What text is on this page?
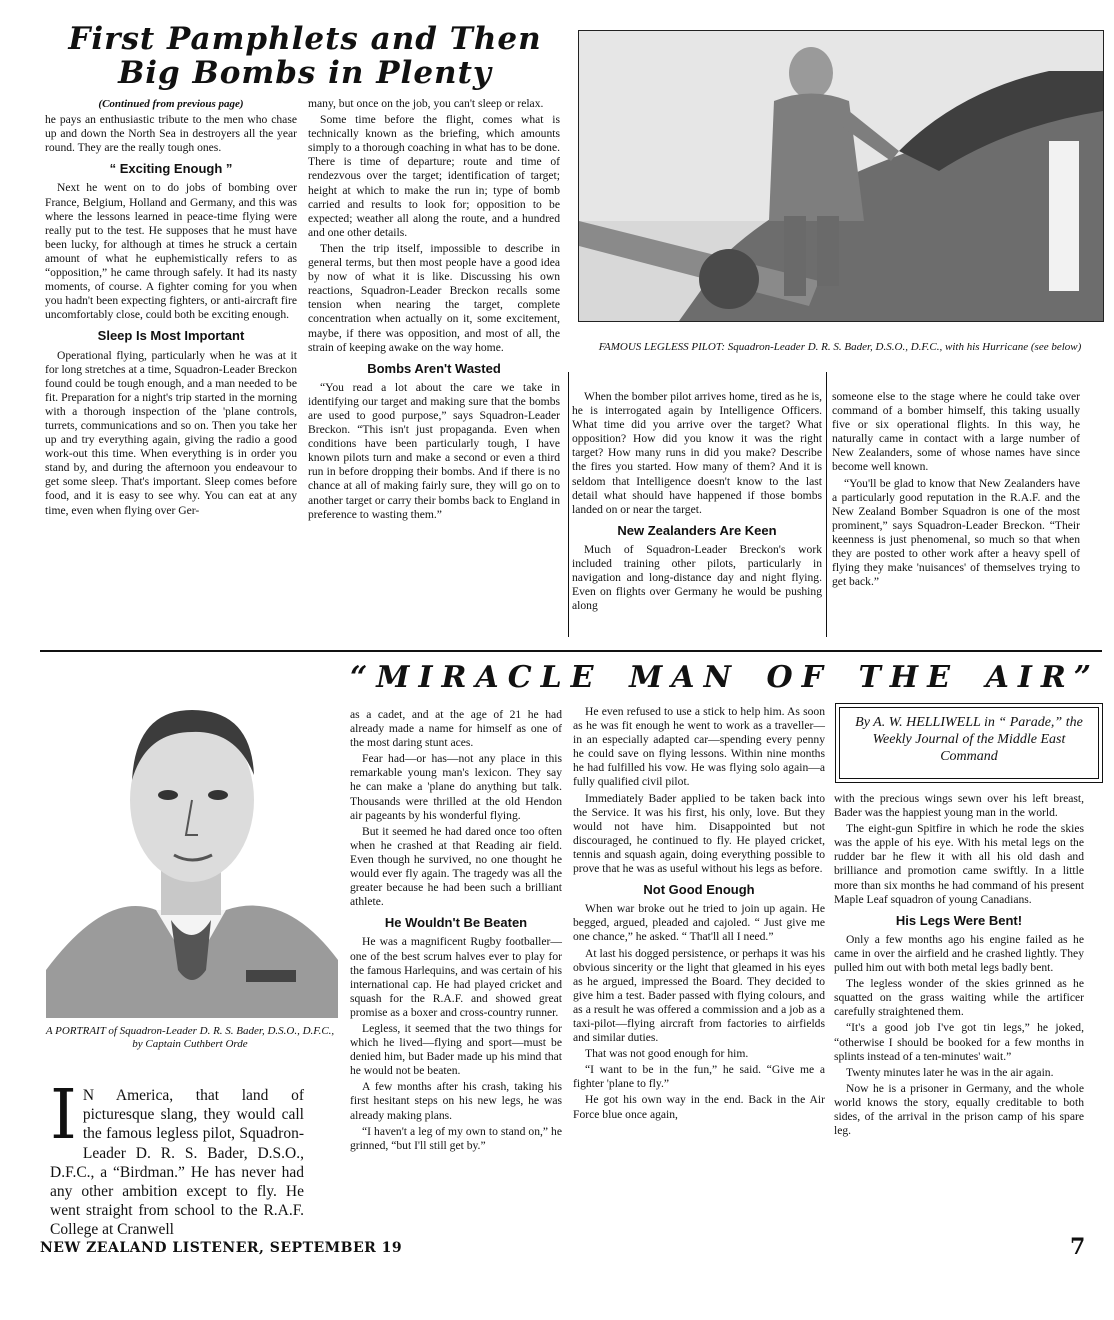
First Pamphlets and Then Big Bombs in Plenty
(Continued from previous page)

he pays an enthusiastic tribute to the men who chase up and down the North Sea in destroyers all the year round. They are the really tough ones.

“ Exciting Enough ”

Next he went on to do jobs of bombing over France, Belgium, Holland and Germany, and this was where the lessons learned in peace-time flying were really put to the test. He supposes that he must have been lucky, for although at times he struck a certain amount of what he euphemistically refers to as “opposition,” he came through safely. It had its nasty moments, of course. A fighter coming for you when you hadn't been expecting fighters, or anti-aircraft fire uncomfortably close, could both be exciting enough.

Sleep Is Most Important

Operational flying, particularly when he was at it for long stretches at a time, Squadron-Leader Breckon found could be tough enough, and a man needed to be fit. Preparation for a night's trip started in the morning with a thorough inspection of the 'plane controls, turrets, communications and so on. Then you take her up and try everything again, giving the radio a good work-out this time. When everything is in order you stand by, and during the afternoon you endeavour to get some sleep. That's important. Sleep comes before food, and it is easy to see why. You can eat at any time, even when flying over Ger-

many, but once on the job, you can't sleep or relax.

Some time before the flight, comes what is technically known as the briefing, which amounts simply to a thorough coaching in what has to be done. There is time of departure; route and time of rendezvous over the target; identification of target; height at which to make the run in; type of bomb carried and results to look for; opposition to be expected; weather all along the route, and a hundred and one other details.

Then the trip itself, impossible to describe in general terms, but then most people have a good idea by now of what it is like. Discussing his own reactions, Squadron-Leader Breckon recalls some tension when nearing the target, complete concentration when actually on it, some excitement, maybe, if there was opposition, and most of all, the strain of keeping awake on the way home.

Bombs Aren't Wasted

“You read a lot about the care we take in identifying our target and making sure that the bombs are used to good purpose,” says Squadron-Leader Breckon. “This isn't just propaganda. Even when conditions have been particularly tough, I have known pilots turn and make a second or even a third run in before dropping their bombs. And if there is no chance at all of making fairly sure, they will go on to another target or carry their bombs back to England in preference to wasting them.”

FAMOUS LEGLESS PILOT: Squadron-Leader D. R. S. Bader, D.S.O., D.F.C., with his Hurricane (see below)

When the bomber pilot arrives home, tired as he is, he is interrogated again by Intelligence Officers. What time did you arrive over the target? What opposition? How did you know it was the right target? How many runs in did you make? Describe the fires you started. How many of them? And it is seldom that Intelligence doesn't know to the last detail what should have happened if those bombs landed on or near the target.

New Zealanders Are Keen

Much of Squadron-Leader Breckon's work included training other pilots, particularly in navigation and long-distance day and night flying. Even on flights over Germany he would be pushing along

someone else to the stage where he could take over command of a bomber himself, this taking usually five or six operational flights. In this way, he naturally came in contact with a large number of New Zealanders, some of whose names have since become well known.

“You'll be glad to know that New Zealanders have a particularly good reputation in the R.A.F. and the New Zealand Bomber Squadron is one of the most prominent,” says Squadron-Leader Breckon. “Their keenness is just phenomenal, so much so that when they are posted to other work after a heavy spell of flying they make 'nuisances' of themselves trying to get back.”

“MIRACLE MAN OF THE AIR”
A PORTRAIT of Squadron-Leader D. R. S. Bader, D.S.O., D.F.C., by Captain Cuthbert Orde
I N America, that land of picturesque slang, they would call the famous legless pilot, Squadron-Leader D. R. S. Bader, D.S.O., D.F.C., a “Birdman.” He has never had any other ambition except to fly. He went straight from school to the R.A.F. College at Cranwell

as a cadet, and at the age of 21 he had already made a name for himself as one of the most daring stunt aces.

Fear had—or has—not any place in this remarkable young man's lexicon. They say he can make a 'plane do anything but talk. Thousands were thrilled at the old Hendon air pageants by his wonderful flying.

But it seemed he had dared once too often when he crashed at that Reading air field. Even though he survived, no one thought he would ever fly again. The tragedy was all the greater because he had been such a brilliant athlete.

He Wouldn't Be Beaten

He was a magnificent Rugby footballer—one of the best scrum halves ever to play for the famous Harlequins, and was certain of his international cap. He had played cricket and squash for the R.A.F. and showed great promise as a boxer and cross-country runner.

Legless, it seemed that the two things for which he lived—flying and sport—must be denied him, but Bader made up his mind that he would not be beaten.

A few months after his crash, taking his first hesitant steps on his new legs, he was already making plans.

“I haven't a leg of my own to stand on,” he grinned, “but I'll still get by.”

He even refused to use a stick to help him. As soon as he was fit enough he went to work as a traveller—in an especially adapted car—spending every penny he could save on flying lessons. Within nine months he had fulfilled his vow. He was flying solo again—a fully qualified civil pilot.

Immediately Bader applied to be taken back into the Service. It was his first, his only, love. But they would not have him. Disappointed but not discouraged, he continued to fly. He played cricket, tennis and squash again, doing everything possible to prove that he was as useful without his legs as before.

Not Good Enough

When war broke out he tried to join up again. He begged, argued, pleaded and cajoled. “ Just give me one chance,” he asked. “ That'll all I need.”

At last his dogged persistence, or perhaps it was his obvious sincerity or the light that gleamed in his eyes as he argued, impressed the Board. They decided to give him a test. Bader passed with flying colours, and as a result he was offered a commission and a job as a taxi-pilot—flying aircraft from factories to airfields and similar duties.

That was not good enough for him.

“I want to be in the fun,” he said. “Give me a fighter 'plane to fly.”

He got his own way in the end. Back in the Air Force blue once again,

By A. W. HELLIWELL in “ Parade,” the Weekly Journal of the Middle East Command

with the precious wings sewn over his left breast, Bader was the happiest young man in the world.

The eight-gun Spitfire in which he rode the skies was the apple of his eye. With his metal legs on the rudder bar he flew it with all his old dash and brilliance and promotion came swiftly. In a little more than six months he had command of his present Maple Leaf squadron of young Canadians.

His Legs Were Bent!

Only a few months ago his engine failed as he came in over the airfield and he crashed lightly. They pulled him out with both metal legs badly bent.

The legless wonder of the skies grinned as he squatted on the grass waiting while the artificer carefully straightened them.

“It's a good job I've got tin legs,” he joked, “otherwise I should be booked for a few months in splints instead of a ten-minutes' wait.”

Twenty minutes later he was in the air again.

Now he is a prisoner in Germany, and the whole world knows the story, equally creditable to both sides, of the arrival in the prison camp of his spare leg.

NEW ZEALAND LISTENER, SEPTEMBER 19	7
